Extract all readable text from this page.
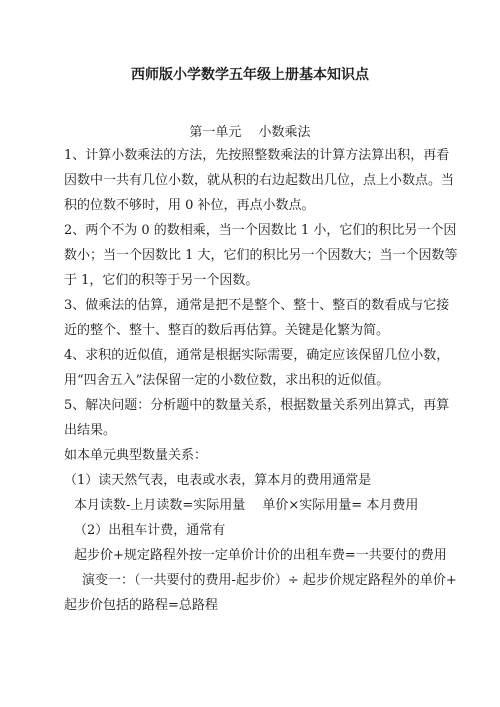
西师版小学数学五年级上册基本知识点
第一单元　 小数乘法
1、计算小数乘法的方法，先按照整数乘法的计算方法算出积，再看
因数中一共有几位小数，就从积的右边起数出几位，点上小数点。当
积的位数不够时，用 0 补位，再点小数点。
2、两个不为 0 的数相乘，当一个因数比 1 小，它们的积比另一个因
数小；当一个因数比 1 大，它们的积比另一个因数大；当一个因数等
于 1，它们的积等于另一个因数。
3、做乘法的估算，通常是把不是整个、整十、整百的数看成与它接
近的整个、整十、整百的数后再估算。关键是化繁为简。
4、求积的近似值，通常是根据实际需要，确定应该保留几位小数，
用“四舍五入”法保留一定的小数位数，求出积的近似值。
5、解决问题：分析题中的数量关系，根据数量关系列出算式，再算
出结果。
如本单元典型数量关系：
（1）读天然气表，电表或水表，算本月的费用通常是
本月读数-上月读数=实际用量　 单价×实际用量= 本月费用
（2）出租车计费，通常有
起步价+规定路程外按一定单价计价的出租车费=一共要付的费用
演变一：（一共要付的费用-起步价）÷ 起步价规定路程外的单价+
起步价包括的路程=总路程
